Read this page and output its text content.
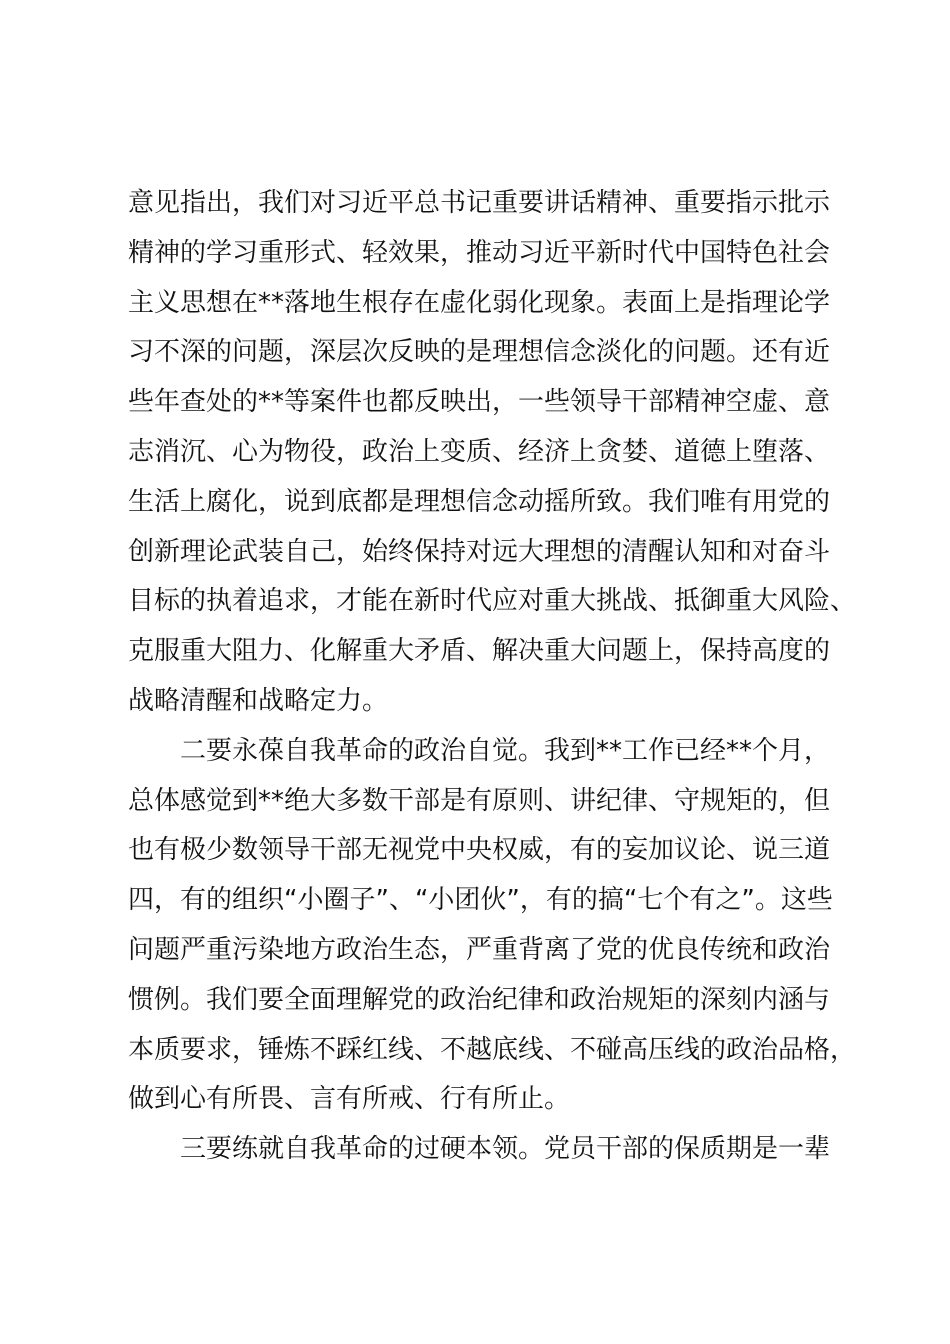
意见指出，我们对习近平总书记重要讲话精神、重要指示批示
精神的学习重形式、轻效果，推动习近平新时代中国特色社会
主义思想在**落地生根存在虚化弱化现象。表面上是指理论学
习不深的问题，深层次反映的是理想信念淡化的问题。还有近
些年查处的**等案件也都反映出，一些领导干部精神空虚、意
志消沉、心为物役，政治上变质、经济上贪婪、道德上堕落、
生活上腐化，说到底都是理想信念动摇所致。我们唯有用党的
创新理论武装自己，始终保持对远大理想的清醒认知和对奋斗
目标的执着追求，才能在新时代应对重大挑战、抵御重大风险、
克服重大阻力、化解重大矛盾、解决重大问题上，保持高度的
战略清醒和战略定力。
二要永葆自我革命的政治自觉。我到**工作已经**个月，
总体感觉到**绝大多数干部是有原则、讲纪律、守规矩的，但
也有极少数领导干部无视党中央权威，有的妄加议论、说三道
四，有的组织“小圈子”、“小团伙”，有的搞“七个有之”。这些
问题严重污染地方政治生态，严重背离了党的优良传统和政治
惯例。我们要全面理解党的政治纪律和政治规矩的深刻内涵与
本质要求，锤炼不踩红线、不越底线、不碰高压线的政治品格，
做到心有所畏、言有所戒、行有所止。
三要练就自我革命的过硬本领。党员干部的保质期是一辈
